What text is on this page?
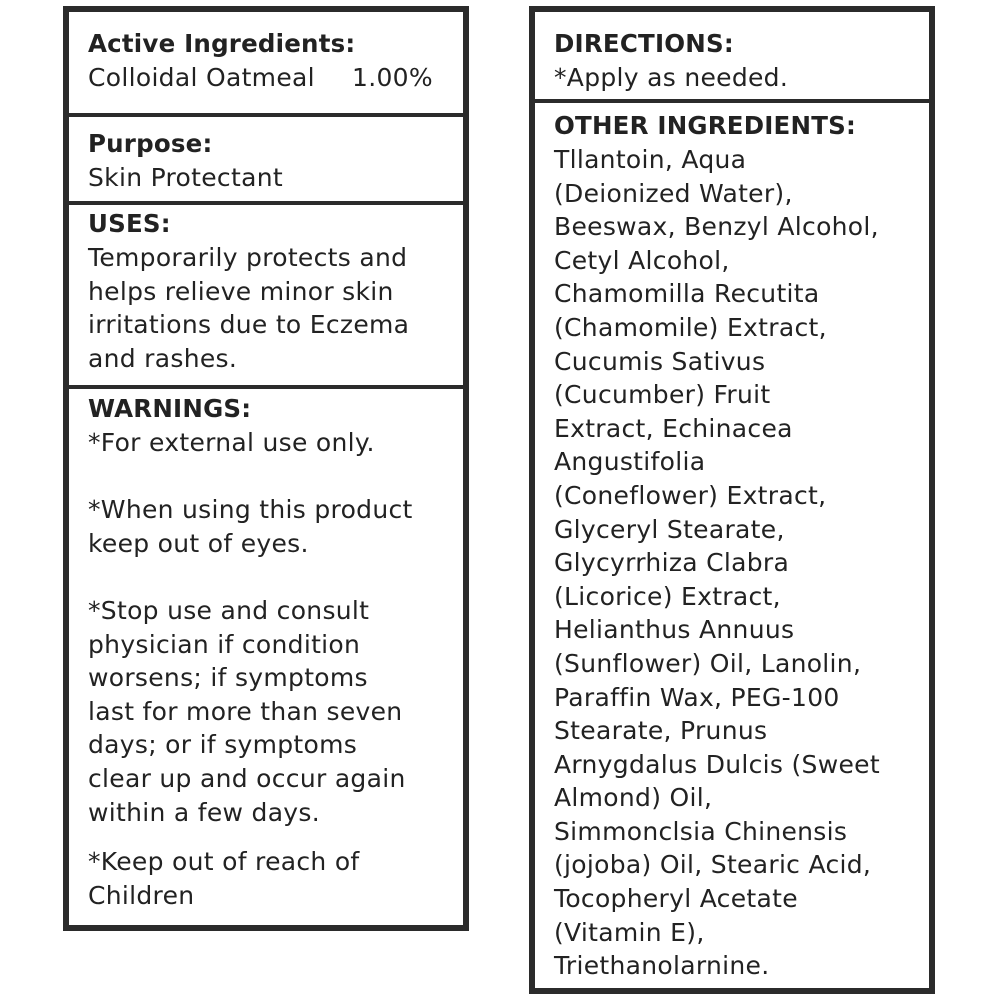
Active Ingredients:
Colloidal Oatmeal 1.00%
Purpose:
Skin Protectant
USES:
Temporarily protects and
helps relieve minor skin
irritations due to Eczema
and rashes.
WARNINGS:
*For external use only.
*When using this product
keep out of eyes.
*Stop use and consult
physician if condition
worsens; if symptoms
last for more than seven
days; or if symptoms
clear up and occur again
within a few days.
*Keep out of reach of
Children
DIRECTIONS:
*Apply as needed.
OTHER INGREDIENTS:
Tllantoin, Aqua
(Deionized Water),
Beeswax, Benzyl Alcohol,
Cetyl Alcohol,
Chamomilla Recutita
(Chamomile) Extract,
Cucumis Sativus
(Cucumber) Fruit
Extract, Echinacea
Angustifolia
(Coneflower) Extract,
Glyceryl Stearate,
Glycyrrhiza Clabra
(Licorice) Extract,
Helianthus Annuus
(Sunflower) Oil, Lanolin,
Paraffin Wax, PEG-100
Stearate, Prunus
Arnygdalus Dulcis (Sweet
Almond) Oil,
Simmonclsia Chinensis
(jojoba) Oil, Stearic Acid,
Tocopheryl Acetate
(Vitamin E),
Triethanolarnine.
